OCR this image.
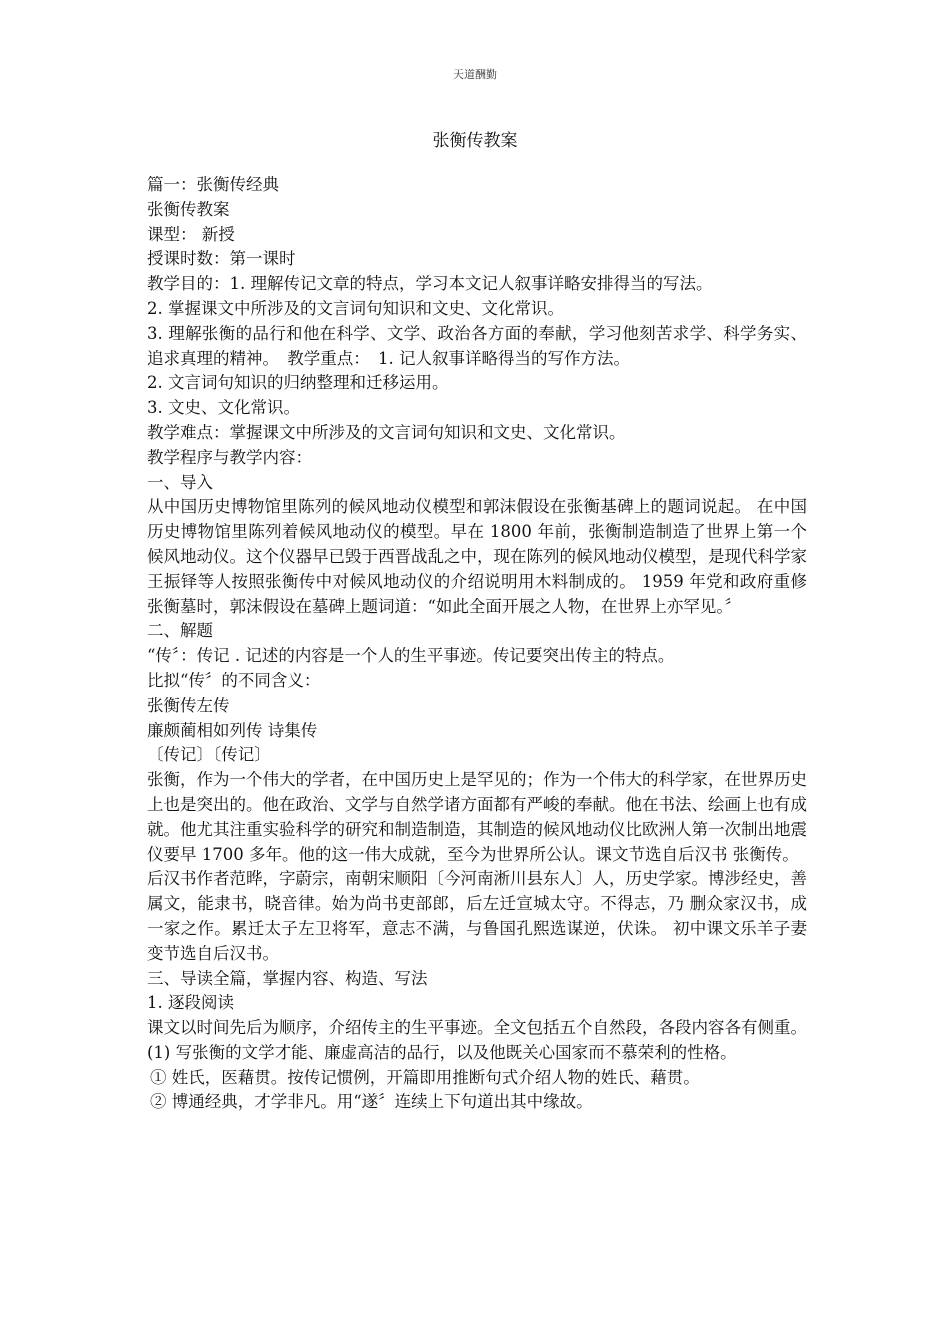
天道酬勤
张衡传教案

篇一：张衡传经典

张衡传教案

课型： 新授

授课时数：第一课时

教学目的：1. 理解传记文章的特点，学习本文记人叙事详略安排得当的写法。

2. 掌握课文中所涉及的文言词句知识和文史、文化常识。

3. 理解张衡的品行和他在科学、文学、政治各方面的奉献，学习他刻苦求学、科学务实、追求真理的精神。　教学重点：　1. 记人叙事详略得当的写作方法。

2. 文言词句知识的归纳整理和迁移运用。

3. 文史、文化常识。

教学难点：掌握课文中所涉及的文言词句知识和文史、文化常识。

教学程序与教学内容：

一、导入

从中国历史博物馆里陈列的候风地动仪模型和郭沫假设在张衡基碑上的题词说起。 在中国历史博物馆里陈列着候风地动仪的模型。早在 1800 年前，张衡制造制造了世界上第一个候风地动仪。这个仪器早已毁于西晋战乱之中，现在陈列的候风地动仪模型，是现代科学家王振铎等人按照张衡传中对候风地动仪的介绍说明用木料制成的。 1959 年党和政府重修张衡墓时，郭沫假设在墓碑上题词道：“如此全面开展之人物，在世界上亦罕见。〞

二、解题

“传〞：传记 . 记述的内容是一个人的生平事迹。传记要突出传主的特点。

比拟“传〞的不同含义：

张衡传左传

廉颇蔺相如列传 诗集传

〔传记〕〔传记〕

张衡，作为一个伟大的学者，在中国历史上是罕见的；作为一个伟大的科学家，在世界历史上也是突出的。他在政治、文学与自然学诸方面都有严峻的奉献。他在书法、绘画上也有成就。他尤其注重实验科学的研究和制造制造，其制造的候风地动仪比欧洲人第一次制出地震仪要早 1700 多年。他的这一伟大成就，至今为世界所公认。课文节选自后汉书 张衡传。

后汉书作者范晔，字蔚宗，南朝宋顺阳〔今河南淅川县东人〕人，历史学家。博涉经史，善属文，能隶书，晓音律。始为尚书吏部郎，后左迁宣城太守。不得志，乃 删众家汉书，成一家之作。累迁太子左卫将军，意志不满，与鲁国孔熙选谋逆，伏诛。 初中课文乐羊子妻变节选自后汉书。

三、导读全篇，掌握内容、构造、写法

1. 逐段阅读

课文以时间先后为顺序，介绍传主的生平事迹。全文包括五个自然段，各段内容各有侧重。

(1) 写张衡的文学才能、廉虚高洁的品行，以及他既关心国家而不慕荣利的性格。

① 姓氏，医藉贯。按传记惯例，开篇即用推断句式介绍人物的姓氏、藉贯。

② 博通经典，才学非凡。用“遂〞连续上下句道出其中缘故。
